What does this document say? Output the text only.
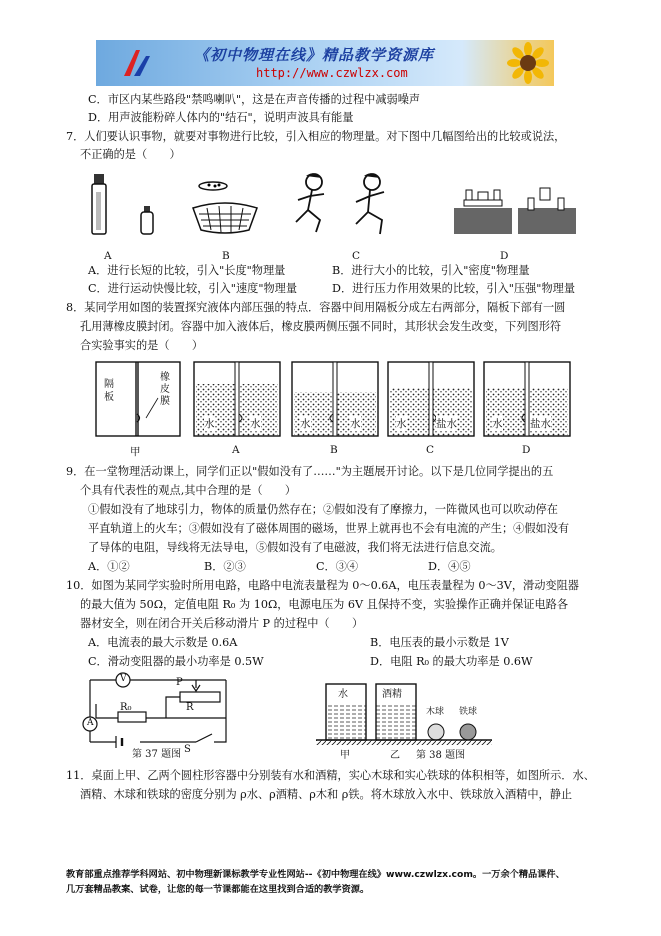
《初中物理在线》精品教学资源库
http://www.czwlzx.com
C．市区内某些路段"禁鸣喇叭"，这是在声音传播的过程中减弱噪声
D．用声波能粉碎人体内的"结石"，说明声波具有能量
7．人们要认识事物，就要对事物进行比较，引入相应的物理量。对下图中几幅图给出的比较或说法，
不正确的是（　　）
A	B	C	D
A．进行长短的比较，引入"长度"物理量	B．进行大小的比较，引入"密度"物理量
C．进行运动快慢比较，引入"速度"物理量	D．进行压力作用效果的比较，引入"压强"物理量
8．某同学用如图的装置探究液体内部压强的特点．容器中间用隔板分成左右两部分，隔板下部有一圆
孔用薄橡皮膜封闭。容器中加入液体后，橡皮膜两侧压强不同时，其形状会发生改变，下列图形符
合实验事实的是（　　）
隔板
橡皮膜
水	水	水	水	水	盐水	水	盐水
甲	A	B	C	D
9．在一堂物理活动课上，同学们正以"假如没有了……"为主题展开讨论。以下是几位同学提出的五
个具有代表性的观点,其中合理的是（　　）
①假如没有了地球引力，物体的质量仍然存在；②假如没有了摩擦力，一阵微风也可以吹动停在
平直轨道上的火车；③假如没有了磁体周围的磁场，世界上就再也不会有电流的产生；④假如没有
了导体的电阻，导线将无法导电，⑤假如没有了电磁波，我们将无法进行信息交流。
A．①②	B．②③	C．③④	D．④⑤
10．如图为某同学实验时所用电路，电路中电流表量程为 0～0.6A，电压表量程为 0～3V，滑动变阻器
的最大值为 50Ω，定值电阻 R₀ 为 10Ω，电源电压为 6V 且保持不变，实验操作正确并保证电路各
器材安全，则在闭合开关后移动滑片 P 的过程中（　　）
A．电流表的最大示数是 0.6A	B．电压表的最小示数是 1V
C．滑动变阻器的最小功率是 0.5W	D．电阻 R₀ 的最大功率是 0.6W
V
A
P
R₀	R
S
第 37 题图
水	酒精
木球 铁球
甲	乙 第 38 题图
11．桌面上甲、乙两个圆柱形容器中分别装有水和酒精，实心木球和实心铁球的体积相等，如图所示．水、
酒精、木球和铁球的密度分别为 ρ水、ρ酒精、ρ木和 ρ铁。将木球放入水中、铁球放入酒精中，静止
教育部重点推荐学科网站、初中物理新课标教学专业性网站--《初中物理在线》www.czwlzx.com。一万余个精品课件、
几万套精品教案、试卷，让您的每一节课都能在这里找到合适的教学资源。
